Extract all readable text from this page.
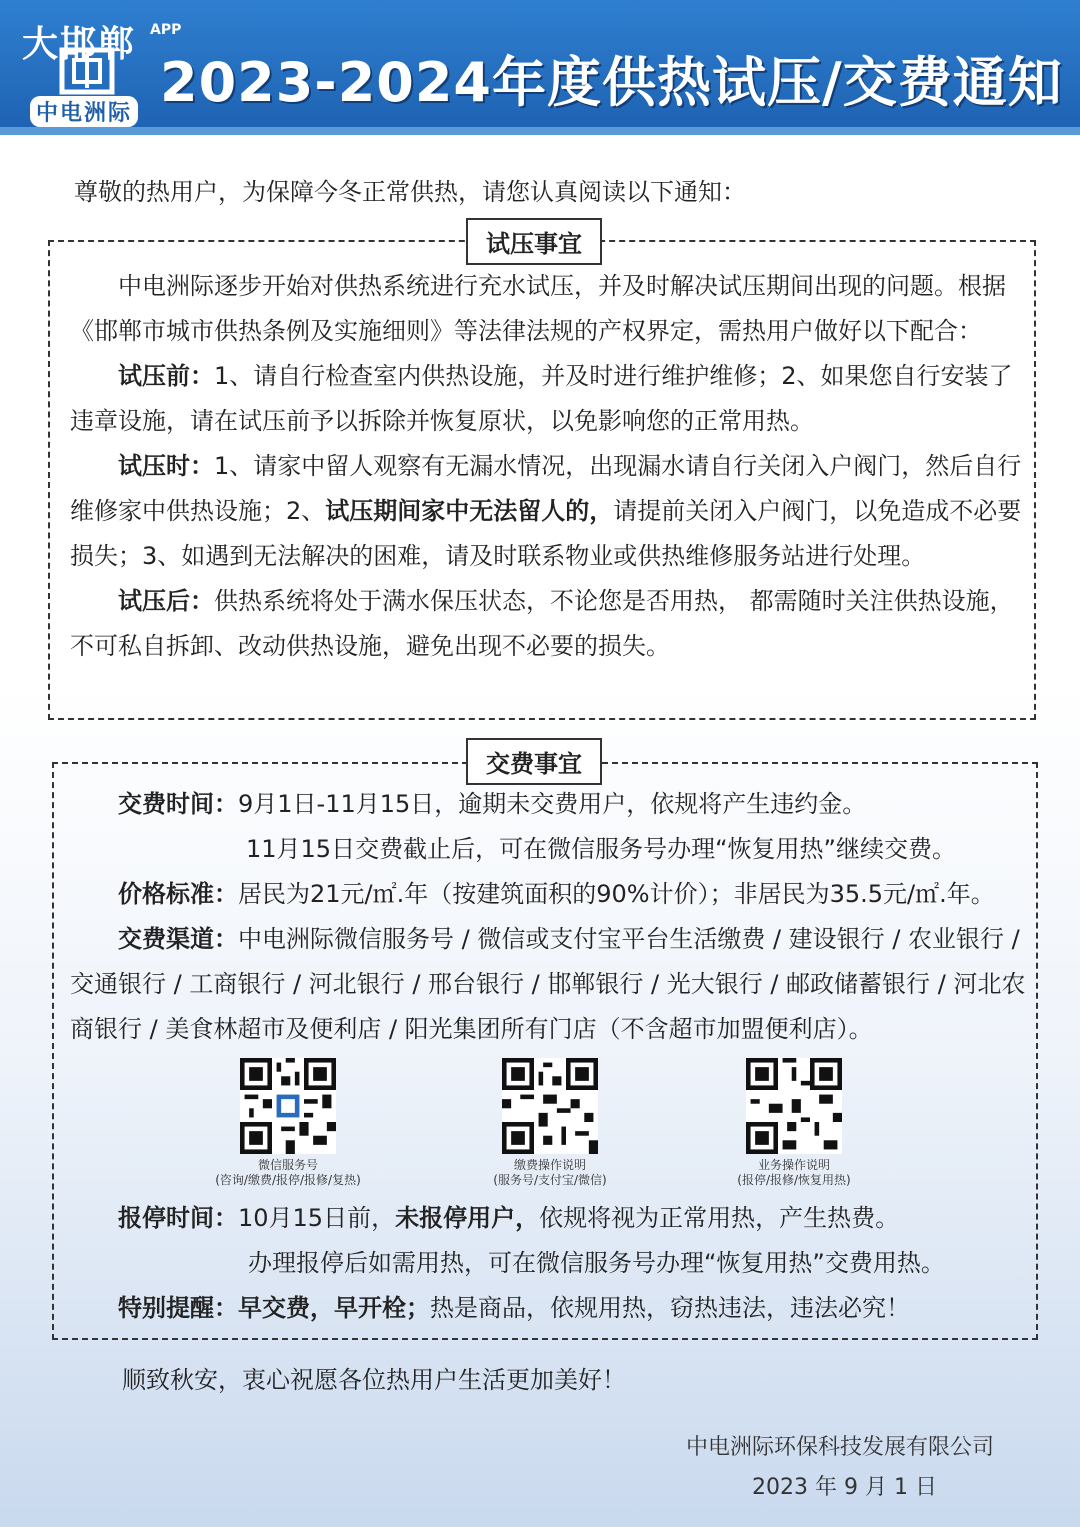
大邯郸 APP
中电洲际 2023-2024年度供热试压/交费通知
尊敬的热用户，为保障今冬正常供热，请您认真阅读以下通知：
试压事宜

中电洲际逐步开始对供热系统进行充水试压，并及时解决试压期间出现的问题。根据《邯郸市城市供热条例及实施细则》等法律法规的产权界定，需热用户做好以下配合：

试压前：1、请自行检查室内供热设施，并及时进行维护维修；2、如果您自行安装了违章设施，请在试压前予以拆除并恢复原状，以免影响您的正常用热。

试压时：1、请家中留人观察有无漏水情况，出现漏水请自行关闭入户阀门，然后自行维修家中供热设施；2、试压期间家中无法留人的，请提前关闭入户阀门，以免造成不必要损失；3、如遇到无法解决的困难，请及时联系物业或供热维修服务站进行处理。

试压后：供热系统将处于满水保压状态，不论您是否用热， 都需随时关注供热设施，不可私自拆卸、改动供热设施，避免出现不必要的损失。

交费事宜

交费时间：9月1日-11月15日，逾期未交费用户，依规将产生违约金。

11月15日交费截止后，可在微信服务号办理“恢复用热”继续交费。

价格标准：居民为21元/㎡.年（按建筑面积的90%计价）；非居民为35.5元/㎡.年。

交费渠道：中电洲际微信服务号 / 微信或支付宝平台生活缴费 / 建设银行 / 农业银行 / 交通银行 / 工商银行 / 河北银行 / 邢台银行 / 邯郸银行 / 光大银行 / 邮政储蓄银行 / 河北农商银行 / 美食林超市及便利店 / 阳光集团所有门店（不含超市加盟便利店）。

微信服务号
(咨询/缴费/报停/报修/复热)
缴费操作说明
(服务号/支付宝/微信)
业务操作说明
(报停/报修/恢复用热)

报停时间：10月15日前，未报停用户，依规将视为正常用热，产生热费。

办理报停后如需用热，可在微信服务号办理“恢复用热”交费用热。

特别提醒：早交费，早开栓；热是商品，依规用热，窃热违法，违法必究！

顺致秋安，衷心祝愿各位热用户生活更加美好！
中电洲际环保科技发展有限公司
2023 年 9 月 1 日
